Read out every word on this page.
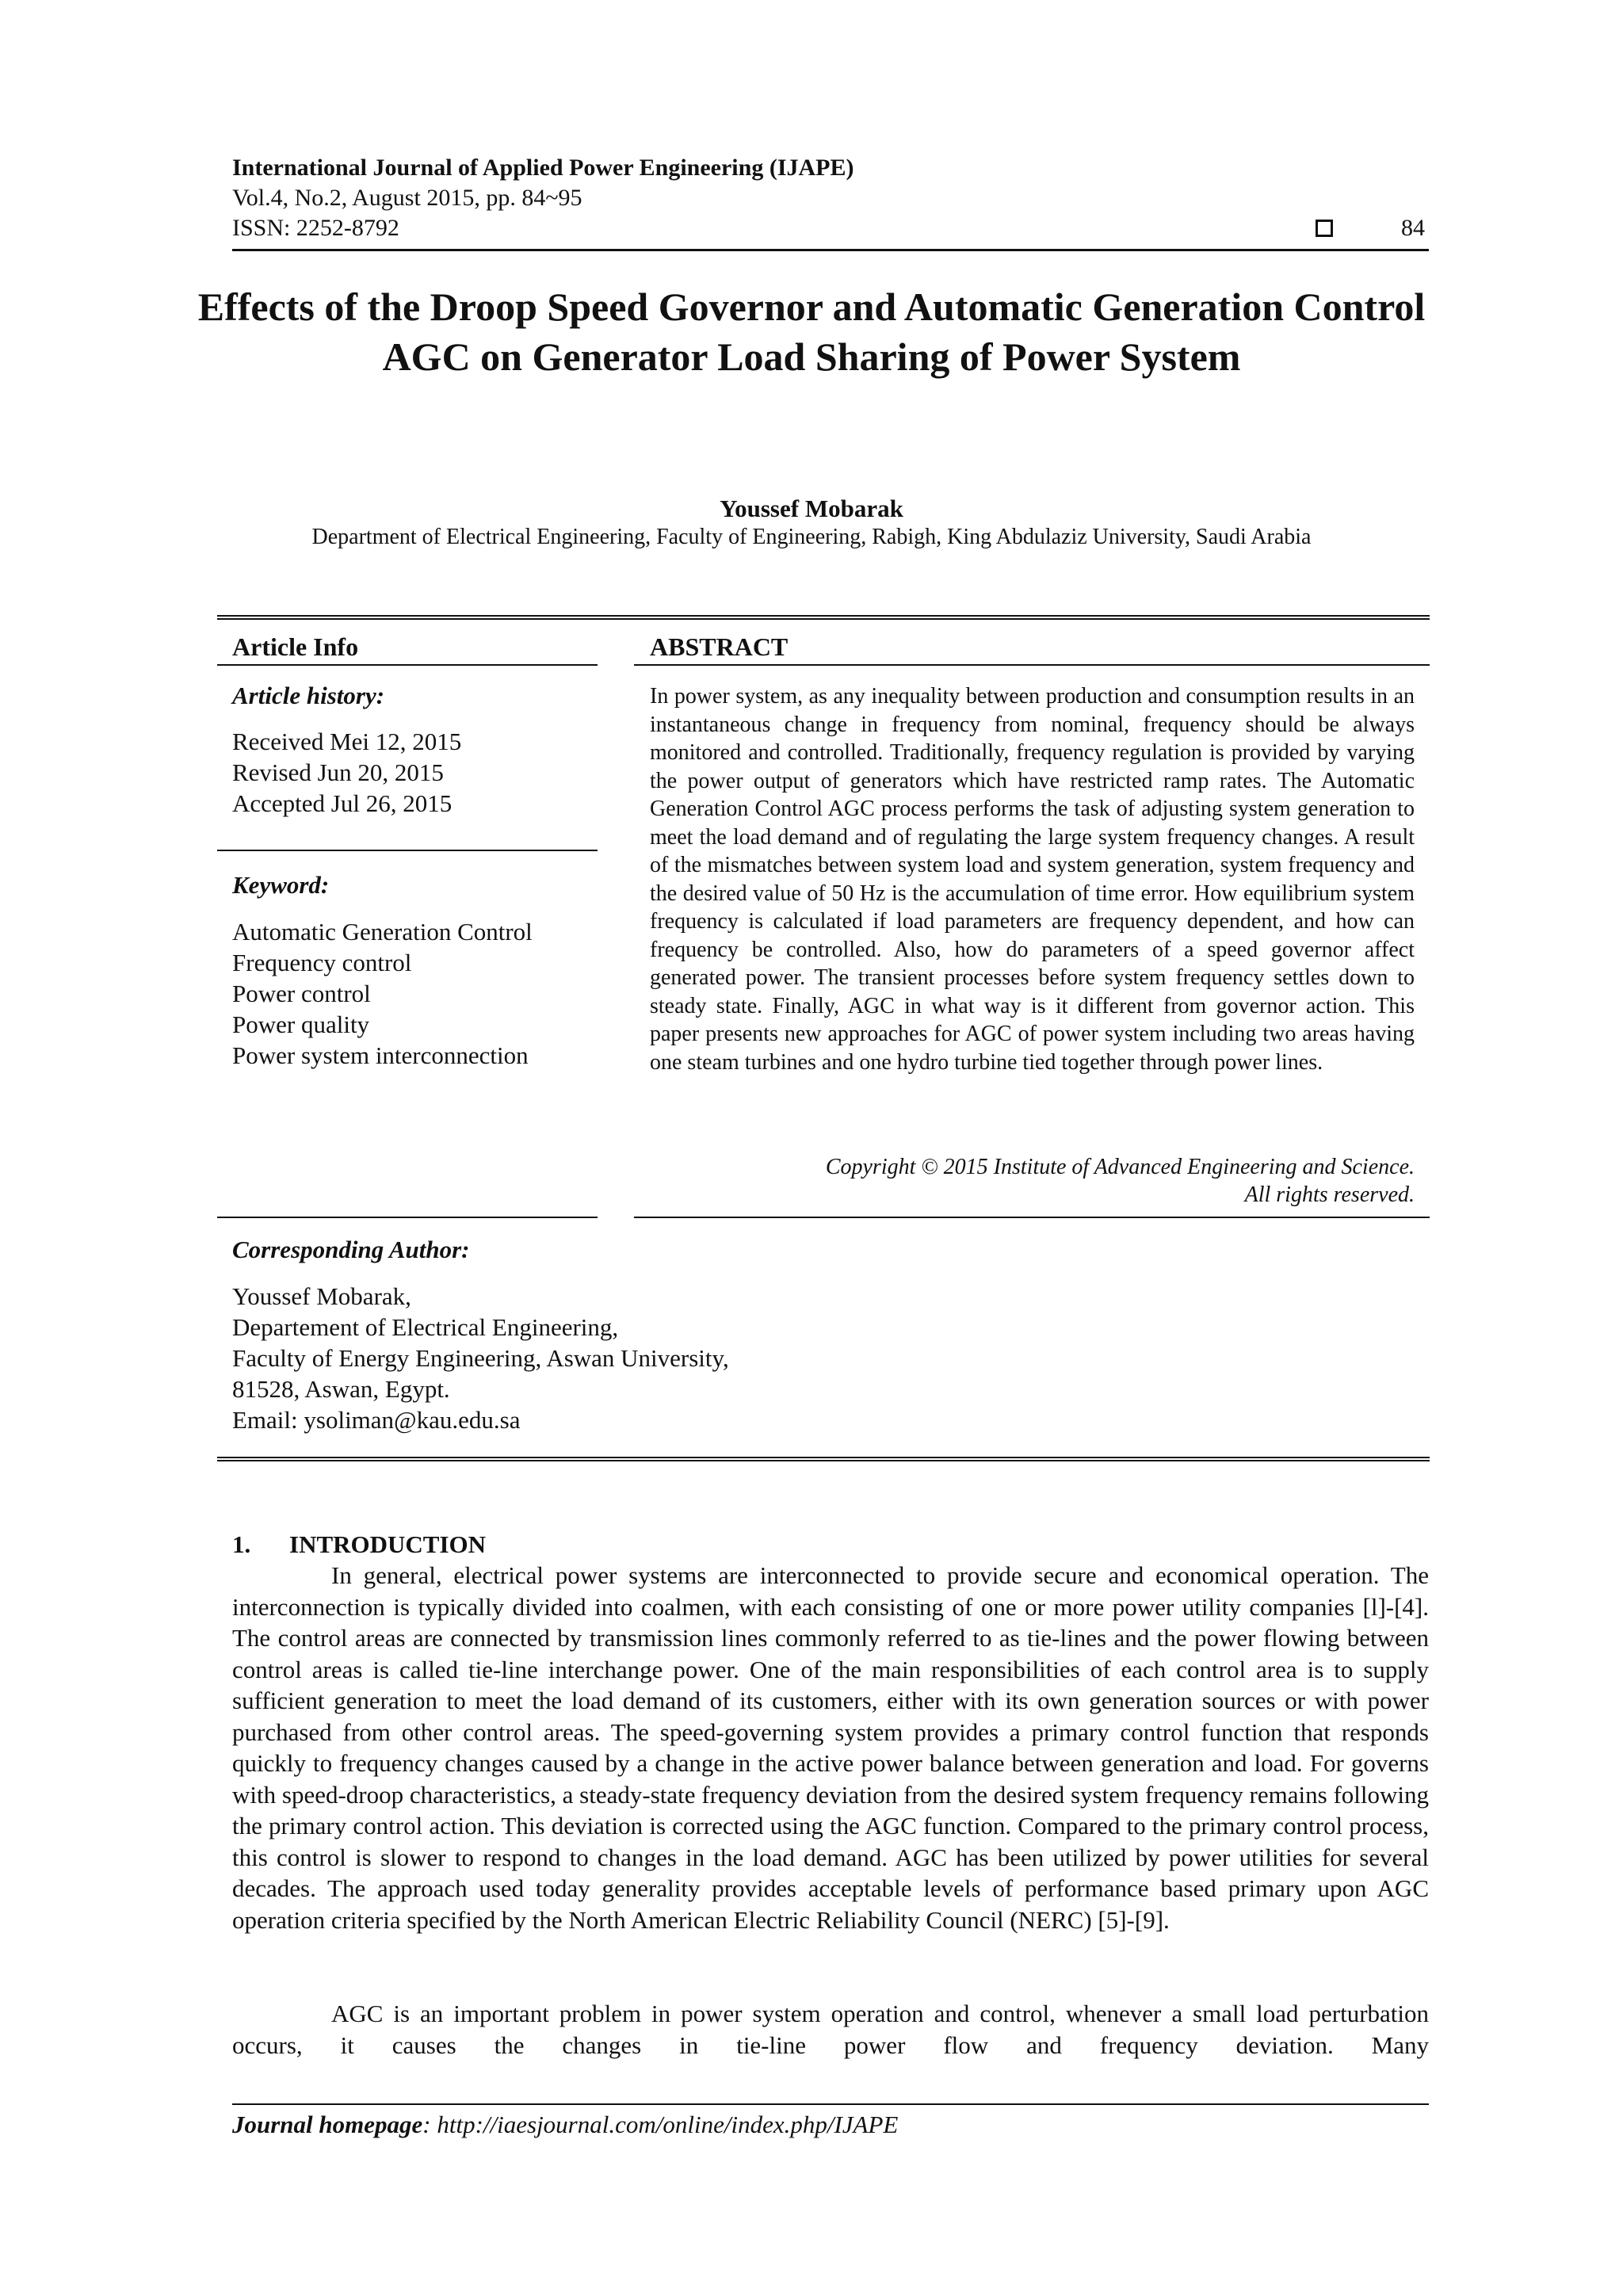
International Journal of Applied Power Engineering (IJAPE)
Vol.4, No.2, August 2015, pp. 84~95
ISSN: 2252-8792	84
Effects of the Droop Speed Governor and Automatic Generation Control AGC on Generator Load Sharing of Power System
Youssef Mobarak
Department of Electrical Engineering, Faculty of Engineering, Rabigh, King Abdulaziz University, Saudi Arabia
Article Info	ABSTRACT
Article history:
Received Mei 12, 2015
Revised Jun 20, 2015
Accepted Jul 26, 2015
Keyword:
Automatic Generation Control
Frequency control
Power control
Power quality
Power system interconnection
In power system, as any inequality between production and consumption results in an instantaneous change in frequency from nominal, frequency should be always monitored and controlled. Traditionally, frequency regulation is provided by varying the power output of generators which have restricted ramp rates. The Automatic Generation Control AGC process performs the task of adjusting system generation to meet the load demand and of regulating the large system frequency changes. A result of the mismatches between system load and system generation, system frequency and the desired value of 50 Hz is the accumulation of time error. How equilibrium system frequency is calculated if load parameters are frequency dependent, and how can frequency be controlled. Also, how do parameters of a speed governor affect generated power. The transient processes before system frequency settles down to steady state. Finally, AGC in what way is it different from governor action. This paper presents new approaches for AGC of power system including two areas having one steam turbines and one hydro turbine tied together through power lines.
Copyright © 2015 Institute of Advanced Engineering and Science.
All rights reserved.
Corresponding Author:
Youssef Mobarak,
Departement of Electrical Engineering,
Faculty of Energy Engineering, Aswan University,
81528, Aswan, Egypt.
Email: ysoliman@kau.edu.sa
1. INTRODUCTION
In general, electrical power systems are interconnected to provide secure and economical operation. The interconnection is typically divided into coalmen, with each consisting of one or more power utility companies [l]-[4]. The control areas are connected by transmission lines commonly referred to as tie-lines and the power flowing between control areas is called tie-line interchange power. One of the main responsibilities of each control area is to supply sufficient generation to meet the load demand of its customers, either with its own generation sources or with power purchased from other control areas. The speed-governing system provides a primary control function that responds quickly to frequency changes caused by a change in the active power balance between generation and load. For governs with speed-droop characteristics, a steady-state frequency deviation from the desired system frequency remains following the primary control action. This deviation is corrected using the AGC function. Compared to the primary control process, this control is slower to respond to changes in the load demand. AGC has been utilized by power utilities for several decades. The approach used today generality provides acceptable levels of performance based primary upon AGC operation criteria specified by the North American Electric Reliability Council (NERC) [5]-[9].
AGC is an important problem in power system operation and control, whenever a small load perturbation occurs, it causes the changes in tie-line power flow and frequency deviation. Many
Journal homepage: http://iaesjournal.com/online/index.php/IJAPE
